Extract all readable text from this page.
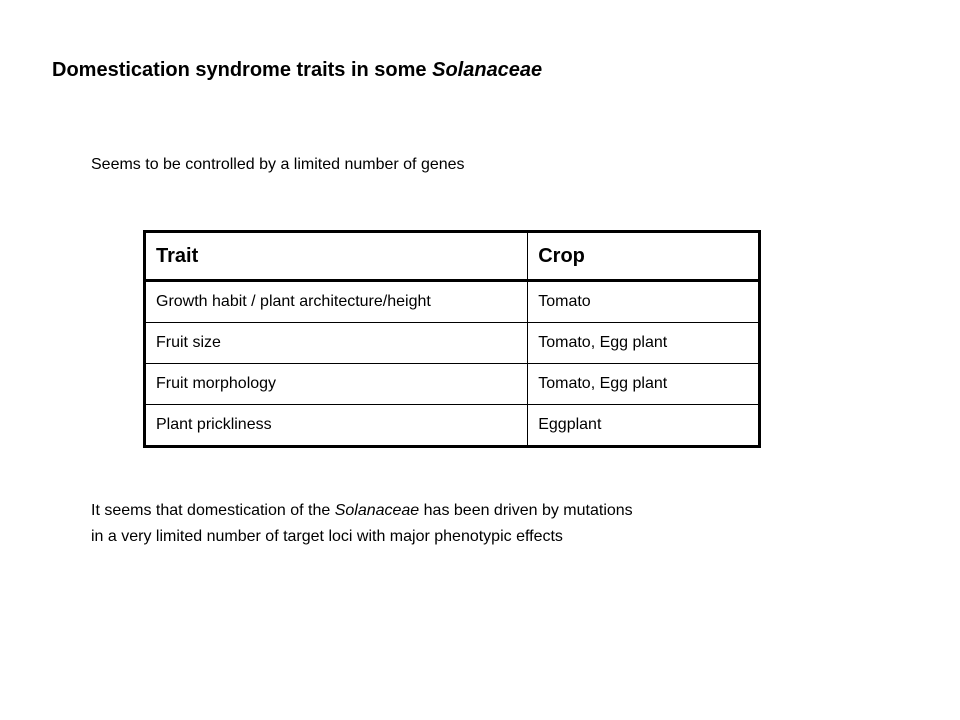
Domestication syndrome traits in some Solanaceae

Seems to be controlled by a limited number of genes

Trait	Crop
Growth habit / plant architecture/height	Tomato
Fruit size	Tomato, Egg plant
Fruit morphology	Tomato, Egg plant
Plant prickliness	Eggplant

It seems that domestication of the Solanaceae has been driven by mutations
in a very limited number of target loci with major phenotypic effects
